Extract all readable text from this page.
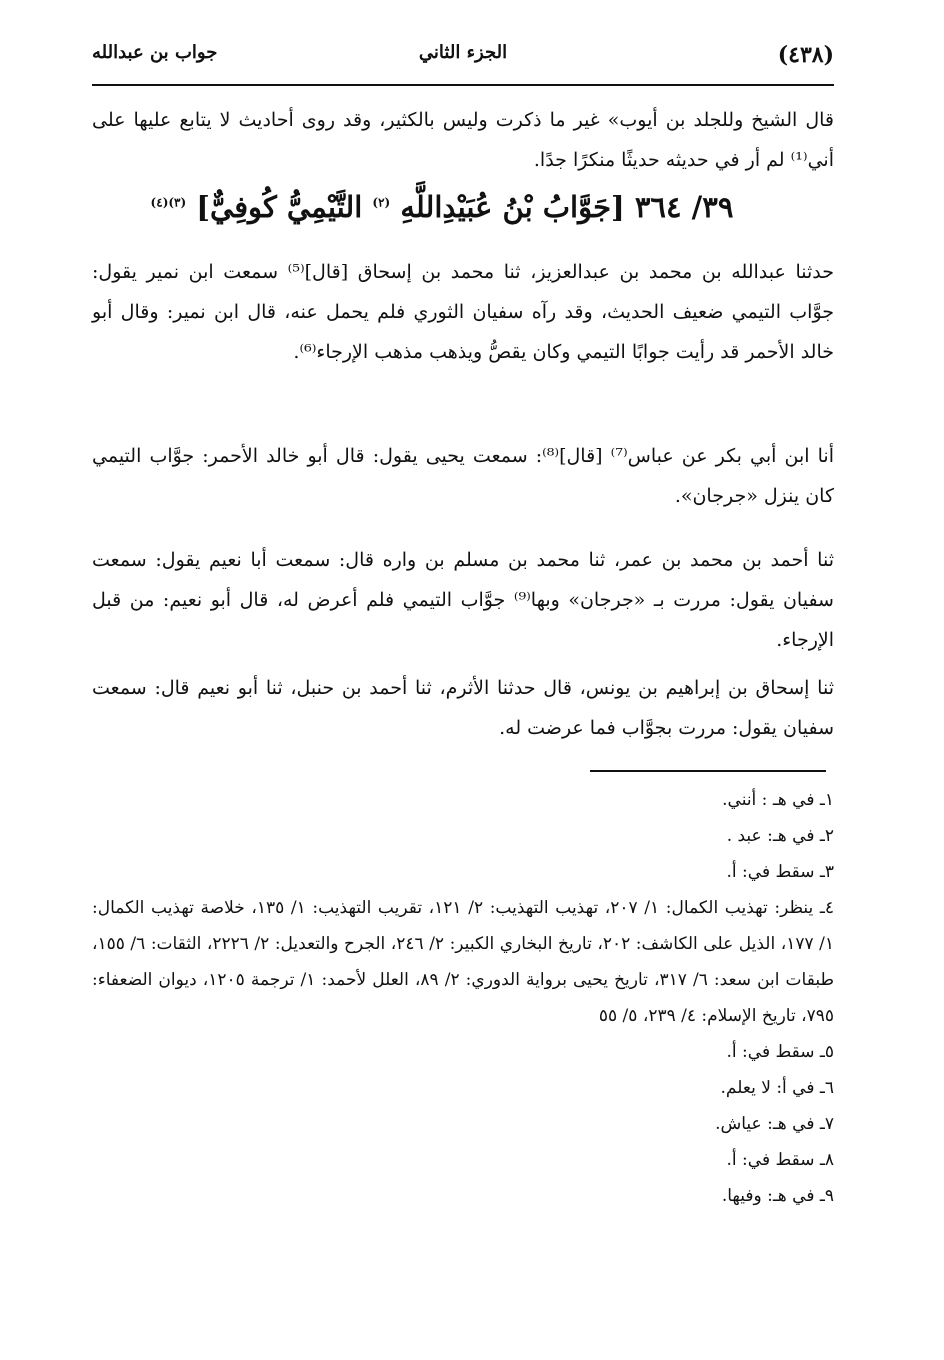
(٤٣٨)
الجزء الثاني
جواب بن عبدالله
قال الشيخ وللجلد بن أيوب» غير ما ذكرت وليس بالكثير، وقد روى أحاديث لا يتابع عليها على أني⁽¹⁾ لم أر في حديثه حديثًا منكرًا جدًا.
٣٩/ ٣٦٤ [جَوَّابُ بْنُ عُبَيْدِاللَّهِ $^{(٢)}$ التَّيْمِيُّ كُوفِيٌّ] $^{(٣)(٤)}$
حدثنا عبدالله بن محمد بن عبدالعزيز، ثنا محمد بن إسحاق [قال]⁽⁵⁾ سمعت ابن نمير يقول: جوَّاب التيمي ضعيف الحديث، وقد رآه سفيان الثوري فلم يحمل عنه، قال ابن نمير: وقال أبو خالد الأحمر قد رأيت جوابًا التيمي وكان يقصُّ ويذهب مذهب الإرجاء⁽⁶⁾.
أنا ابن أبي بكر عن عباس⁽⁷⁾ [قال]⁽⁸⁾: سمعت يحيى يقول: قال أبو خالد الأحمر: جوَّاب التيمي كان ينزل «جرجان».
ثنا أحمد بن محمد بن عمر، ثنا محمد بن مسلم بن واره قال: سمعت أبا نعيم يقول: سمعت سفيان يقول: مررت بـ «جرجان» وبها⁽⁹⁾ جوَّاب التيمي فلم أعرض له، قال أبو نعيم: من قبل الإرجاء.
ثنا إسحاق بن إبراهيم بن يونس، قال حدثنا الأثرم، ثنا أحمد بن حنبل، ثنا أبو نعيم قال: سمعت سفيان يقول: مررت بجوَّاب فما عرضت له.
١ـ في هـ : أنني.
٢ـ في هـ: عبد .
٣ـ سقط في: أ.
٤ـ ينظر: تهذيب الكمال: ١/ ٢٠٧، تهذيب التهذيب: ٢/ ١٢١، تقريب التهذيب: ١/ ١٣٥، خلاصة تهذيب الكمال: ١/ ١٧٧، الذيل على الكاشف: ٢٠٢، تاريخ البخاري الكبير: ٢/ ٢٤٦، الجرح والتعديل: ٢/ ٢٢٢٦، الثقات: ٦/ ١٥٥، طبقات ابن سعد: ٦/ ٣١٧، تاريخ يحيى برواية الدوري: ٢/ ٨٩، العلل لأحمد: ١/ ترجمة ١٢٠٥، ديوان الضعفاء: ٧٩٥، تاريخ الإسلام: ٤/ ٢٣٩، ٥/ ٥٥
٥ـ سقط في: أ.
٦ـ في أ: لا يعلم.
٧ـ في هـ: عياش.
٨ـ سقط في: أ.
٩ـ في هـ: وفيها.
